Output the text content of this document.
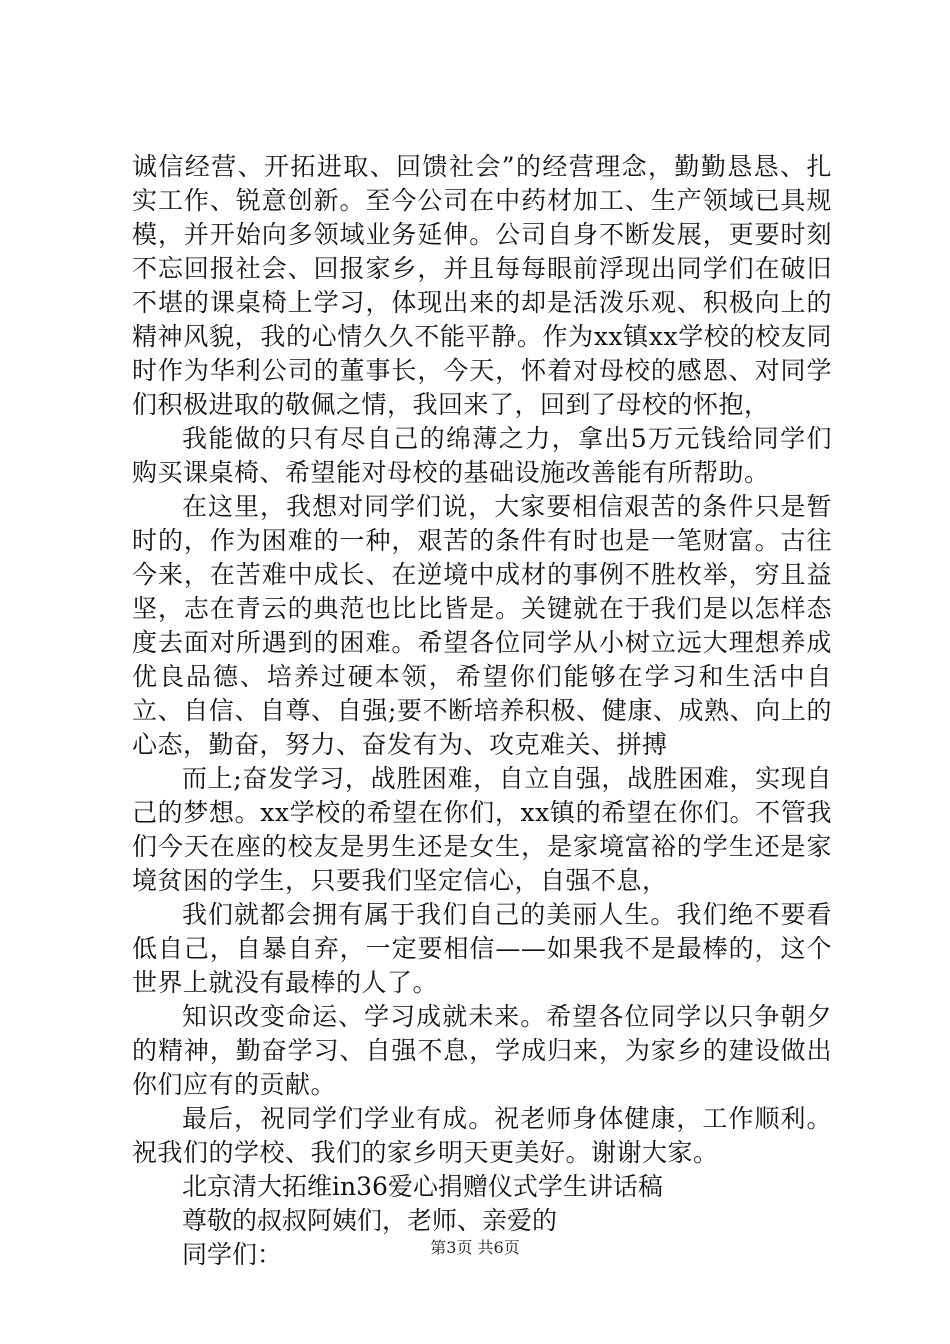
诚信经营、开拓进取、回馈社会”的经营理念，勤勤恳恳、扎实工作、锐意创新。至今公司在中药材加工、生产领域已具规模，并开始向多领域业务延伸。公司自身不断发展，更要时刻不忘回报社会、回报家乡，并且每每眼前浮现出同学们在破旧不堪的课桌椅上学习，体现出来的却是活泼乐观、积极向上的精神风貌，我的心情久久不能平静。作为xx镇xx学校的校友同时作为华利公司的董事长，今天，怀着对母校的感恩、对同学们积极进取的敬佩之情，我回来了，回到了母校的怀抱，

我能做的只有尽自己的绵薄之力，拿出5万元钱给同学们购买课桌椅、希望能对母校的基础设施改善能有所帮助。

在这里，我想对同学们说，大家要相信艰苦的条件只是暂时的，作为困难的一种，艰苦的条件有时也是一笔财富。古往今来，在苦难中成长、在逆境中成材的事例不胜枚举，穷且益坚，志在青云的典范也比比皆是。关键就在于我们是以怎样态度去面对所遇到的困难。希望各位同学从小树立远大理想养成优良品德、培养过硬本领，希望你们能够在学习和生活中自立、自信、自尊、自强;要不断培养积极、健康、成熟、向上的心态，勤奋，努力、奋发有为、攻克难关、拼搏

而上;奋发学习，战胜困难，自立自强，战胜困难，实现自己的梦想。xx学校的希望在你们，xx镇的希望在你们。不管我们今天在座的校友是男生还是女生，是家境富裕的学生还是家境贫困的学生，只要我们坚定信心，自强不息，

我们就都会拥有属于我们自己的美丽人生。我们绝不要看低自己，自暴自弃，一定要相信——如果我不是最棒的，这个世界上就没有最棒的人了。

知识改变命运、学习成就未来。希望各位同学以只争朝夕的精神，勤奋学习、自强不息，学成归来，为家乡的建设做出你们应有的贡献。

最后，祝同学们学业有成。祝老师身体健康，工作顺利。祝我们的学校、我们的家乡明天更美好。谢谢大家。

北京清大拓维in36爱心捐赠仪式学生讲话稿

尊敬的叔叔阿姨们，老师、亲爱的

同学们：	第3页 共6页
